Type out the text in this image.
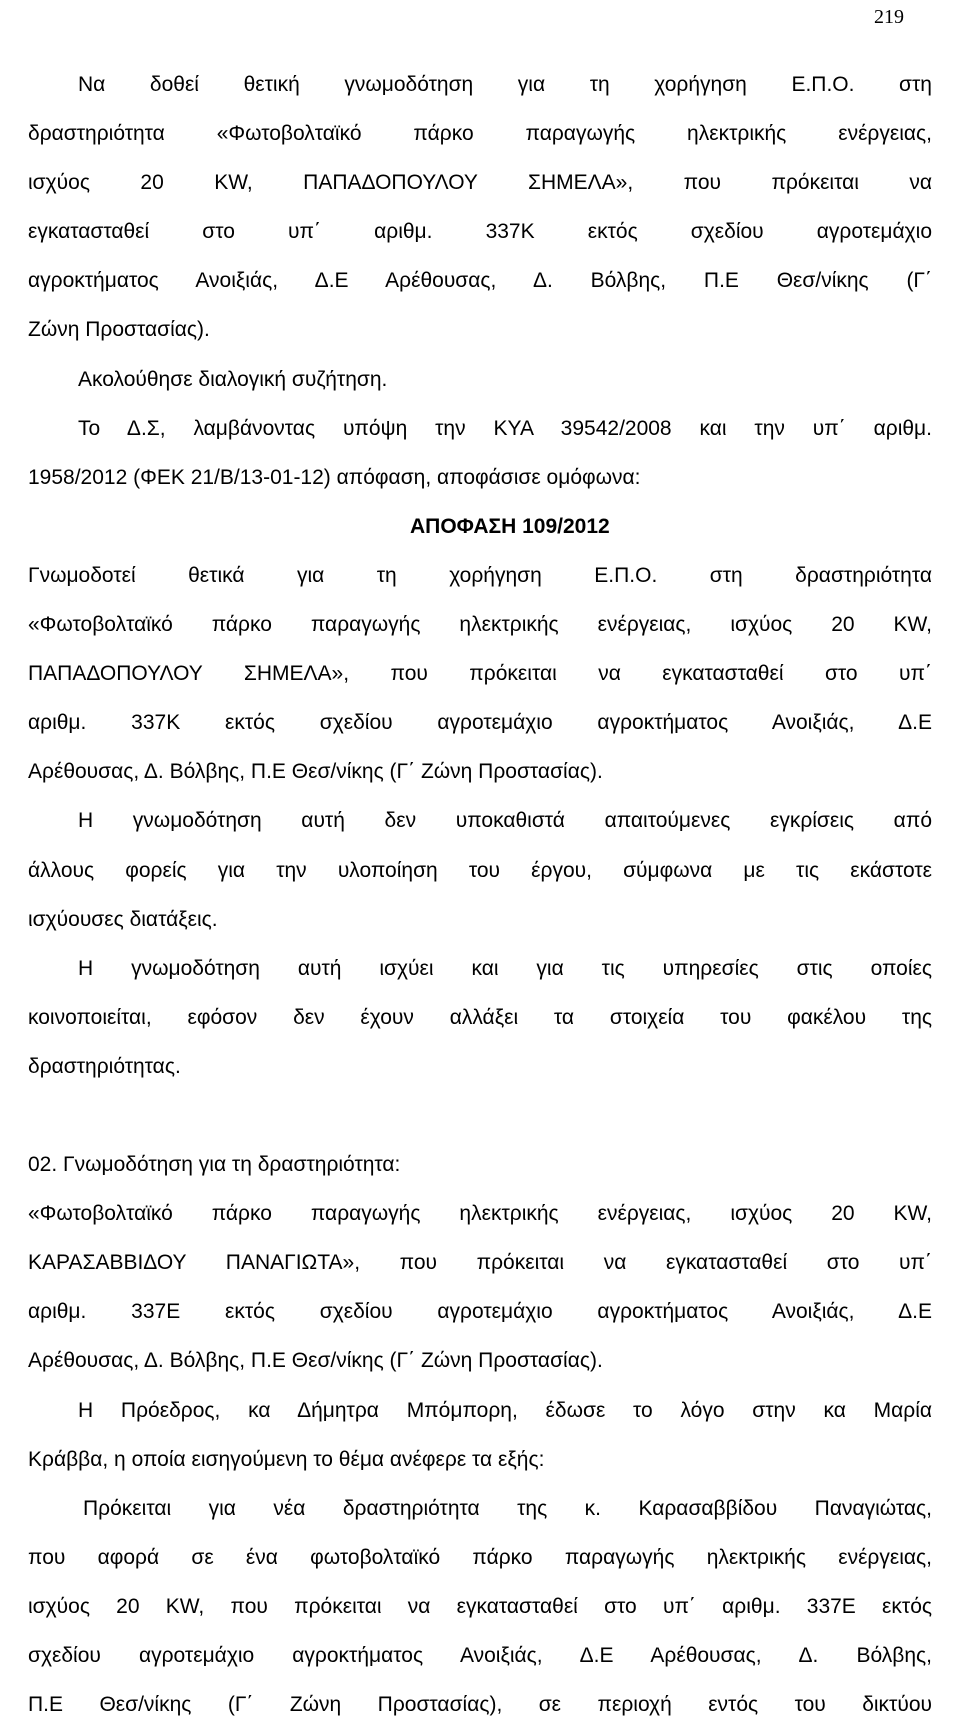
219
Να δοθεί θετική γνωμοδότηση για τη χορήγηση Ε.Π.Ο. στη
δραστηριότητα «Φωτοβολταϊκό πάρκο παραγωγής ηλεκτρικής ενέργειας,
ισχύος 20 KW, ΠΑΠΑΔΟΠΟΥΛΟΥ ΣΗΜΕΛΑ», που πρόκειται να
εγκατασταθεί στο υπ΄ αριθμ. 337Κ εκτός σχεδίου αγροτεμάχιο
αγροκτήματος Ανοιξιάς, Δ.Ε Αρέθουσας, Δ. Βόλβης, Π.Ε Θεσ/νίκης (Γ΄
Ζώνη Προστασίας).
Ακολούθησε διαλογική συζήτηση.
Το Δ.Σ, λαμβάνοντας υπόψη την ΚΥΑ 39542/2008 και την υπ΄ αριθμ.
1958/2012 (ΦΕΚ 21/Β/13-01-12) απόφαση, αποφάσισε ομόφωνα:
ΑΠΟΦΑΣΗ 109/2012
Γνωμοδοτεί θετικά για τη χορήγηση Ε.Π.Ο. στη δραστηριότητα
«Φωτοβολταϊκό πάρκο παραγωγής ηλεκτρικής ενέργειας, ισχύος 20 KW,
ΠΑΠΑΔΟΠΟΥΛΟΥ ΣΗΜΕΛΑ», που πρόκειται να εγκατασταθεί στο υπ΄
αριθμ. 337Κ εκτός σχεδίου αγροτεμάχιο αγροκτήματος Ανοιξιάς, Δ.Ε
Αρέθουσας, Δ. Βόλβης, Π.Ε Θεσ/νίκης (Γ΄ Ζώνη Προστασίας).
Η γνωμοδότηση αυτή δεν υποκαθιστά απαιτούμενες εγκρίσεις από
άλλους φορείς για την υλοποίηση του έργου, σύμφωνα με τις εκάστοτε
ισχύουσες διατάξεις.
Η γνωμοδότηση αυτή ισχύει και για τις υπηρεσίες στις οποίες
κοινοποιείται, εφόσον δεν έχουν αλλάξει τα στοιχεία του φακέλου της
δραστηριότητας.
02. Γνωμοδότηση για τη δραστηριότητα:
«Φωτοβολταϊκό πάρκο παραγωγής ηλεκτρικής ενέργειας, ισχύος 20 KW,
ΚΑΡΑΣΑΒΒΙΔΟΥ ΠΑΝΑΓΙΩΤΑ», που πρόκειται να εγκατασταθεί στο υπ΄
αριθμ. 337Ε εκτός σχεδίου αγροτεμάχιο αγροκτήματος Ανοιξιάς, Δ.Ε
Αρέθουσας, Δ. Βόλβης, Π.Ε Θεσ/νίκης (Γ΄ Ζώνη Προστασίας).
Η Πρόεδρος, κα Δήμητρα Μπόμπορη, έδωσε το λόγο στην κα Μαρία
Κράββα, η οποία εισηγούμενη το θέμα ανέφερε τα εξής:
Πρόκειται για νέα δραστηριότητα της κ. Καρασαββίδου Παναγιώτας,
που αφορά σε ένα φωτοβολταϊκό πάρκο παραγωγής ηλεκτρικής ενέργειας,
ισχύος 20 KW, που πρόκειται να εγκατασταθεί στο υπ΄ αριθμ. 337Ε εκτός
σχεδίου αγροτεμάχιο αγροκτήματος Ανοιξιάς, Δ.Ε Αρέθουσας, Δ. Βόλβης,
Π.Ε Θεσ/νίκης (Γ΄ Ζώνη Προστασίας), σε περιοχή εντός του δικτύου
